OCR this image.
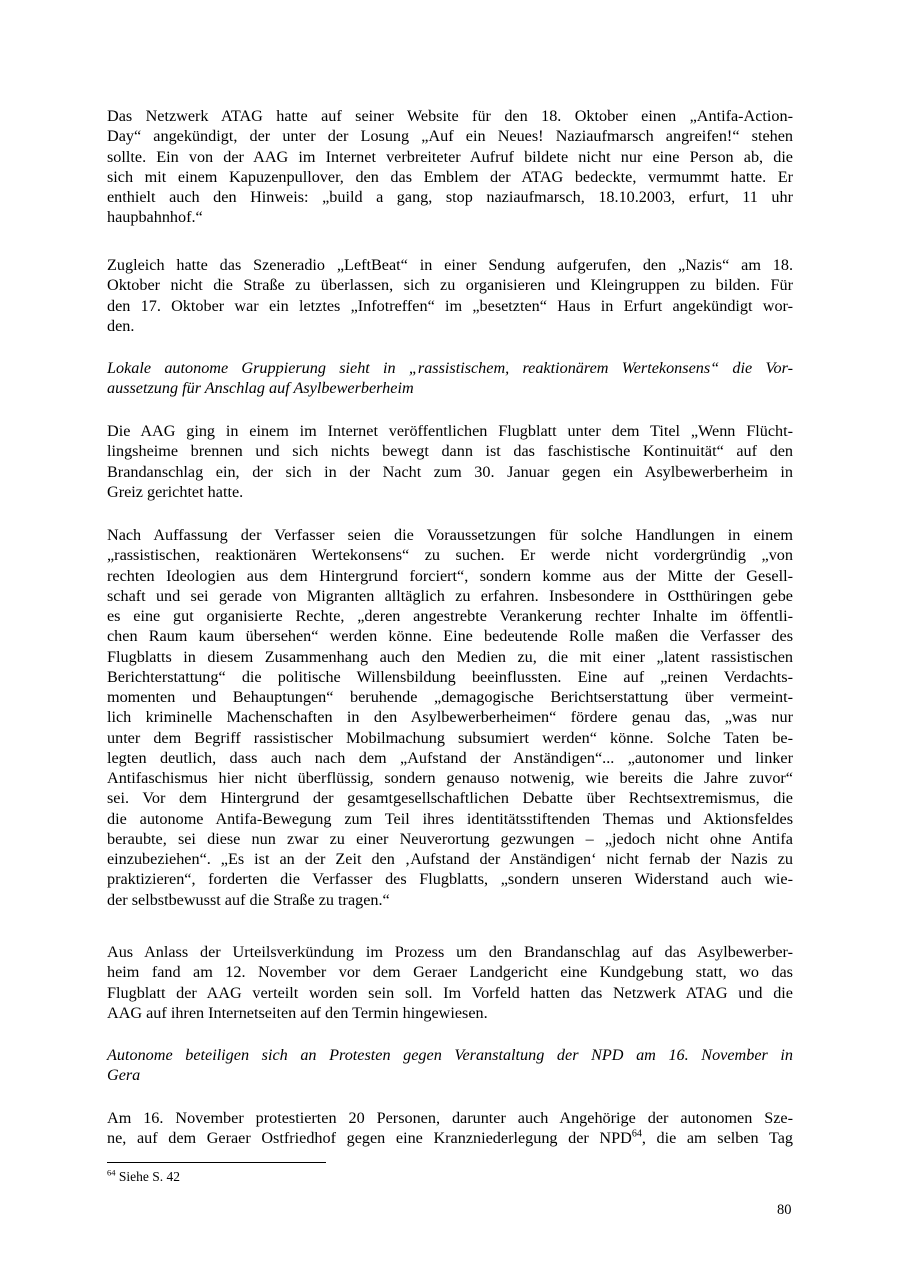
Das Netzwerk ATAG hatte auf seiner Website für den 18. Oktober einen „Antifa-Action-
Day“ angekündigt, der unter der Losung „Auf ein Neues! Naziaufmarsch angreifen!“ stehen
sollte. Ein von der AAG im Internet verbreiteter Aufruf bildete nicht nur eine Person ab, die
sich mit einem Kapuzenpullover, den das Emblem der ATAG bedeckte, vermummt hatte. Er
enthielt auch den Hinweis: „build a gang, stop naziaufmarsch, 18.10.2003, erfurt, 11 uhr
haupbahnhof.“
Zugleich hatte das Szeneradio „LeftBeat“ in einer Sendung aufgerufen, den „Nazis“ am 18.
Oktober nicht die Straße zu überlassen, sich zu organisieren und Kleingruppen zu bilden. Für
den 17. Oktober war ein letztes „Infotreffen“ im „besetzten“ Haus in Erfurt angekündigt wor-
den.
Lokale autonome Gruppierung sieht in „rassistischem, reaktionärem Wertekonsens“ die Vor-
aussetzung für Anschlag auf Asylbewerberheim
Die AAG ging in einem im Internet veröffentlichen Flugblatt unter dem Titel „Wenn Flücht-
lingsheime brennen und sich nichts bewegt dann ist das faschistische Kontinuität“ auf den
Brandanschlag ein, der sich in der Nacht zum 30. Januar gegen ein Asylbewerberheim in
Greiz gerichtet hatte.
Nach Auffassung der Verfasser seien die Voraussetzungen für solche Handlungen in einem
„rassistischen, reaktionären Wertekonsens“ zu suchen. Er werde nicht vordergründig „von
rechten Ideologien aus dem Hintergrund forciert“, sondern komme aus der Mitte der Gesell-
schaft und sei gerade von Migranten alltäglich zu erfahren. Insbesondere in Ostthüringen gebe
es eine gut organisierte Rechte, „deren angestrebte Verankerung rechter Inhalte im öffentli-
chen Raum kaum übersehen“ werden könne. Eine bedeutende Rolle maßen die Verfasser des
Flugblatts in diesem Zusammenhang auch den Medien zu, die mit einer „latent rassistischen
Berichterstattung“ die politische Willensbildung beeinflussten. Eine auf „reinen Verdachts-
momenten und Behauptungen“ beruhende „demagogische Berichtserstattung über vermeint-
lich kriminelle Machenschaften in den Asylbewerberheimen“ fördere genau das, „was nur
unter dem Begriff rassistischer Mobilmachung subsumiert werden“ könne. Solche Taten be-
legten deutlich, dass auch nach dem „Aufstand der Anständigen“... „autonomer und linker
Antifaschismus hier nicht überflüssig, sondern genauso notwenig, wie bereits die Jahre zuvor“
sei. Vor dem Hintergrund der gesamtgesellschaftlichen Debatte über Rechtsextremismus, die
die autonome Antifa-Bewegung zum Teil ihres identitätsstiftenden Themas und Aktionsfeldes
beraubte, sei diese nun zwar zu einer Neuverortung gezwungen – „jedoch nicht ohne Antifa
einzubeziehen“. „Es ist an der Zeit den ‚Aufstand der Anständigen‘ nicht fernab der Nazis zu
praktizieren“, forderten die Verfasser des Flugblatts, „sondern unseren Widerstand auch wie-
der selbstbewusst auf die Straße zu tragen.“
Aus Anlass der Urteilsverkündung im Prozess um den Brandanschlag auf das Asylbewerber-
heim fand am 12. November vor dem Geraer Landgericht eine Kundgebung statt, wo das
Flugblatt der AAG verteilt worden sein soll. Im Vorfeld hatten das Netzwerk ATAG und die
AAG auf ihren Internetseiten auf den Termin hingewiesen.
Autonome beteiligen sich an Protesten gegen Veranstaltung der NPD am 16. November in
Gera
Am 16. November protestierten 20 Personen, darunter auch Angehörige der autonomen Sze-
ne, auf dem Geraer Ostfriedhof gegen eine Kranzniederlegung der NPD$^{64}$, die am selben Tag
$^{64}$ Siehe S. 42
80
